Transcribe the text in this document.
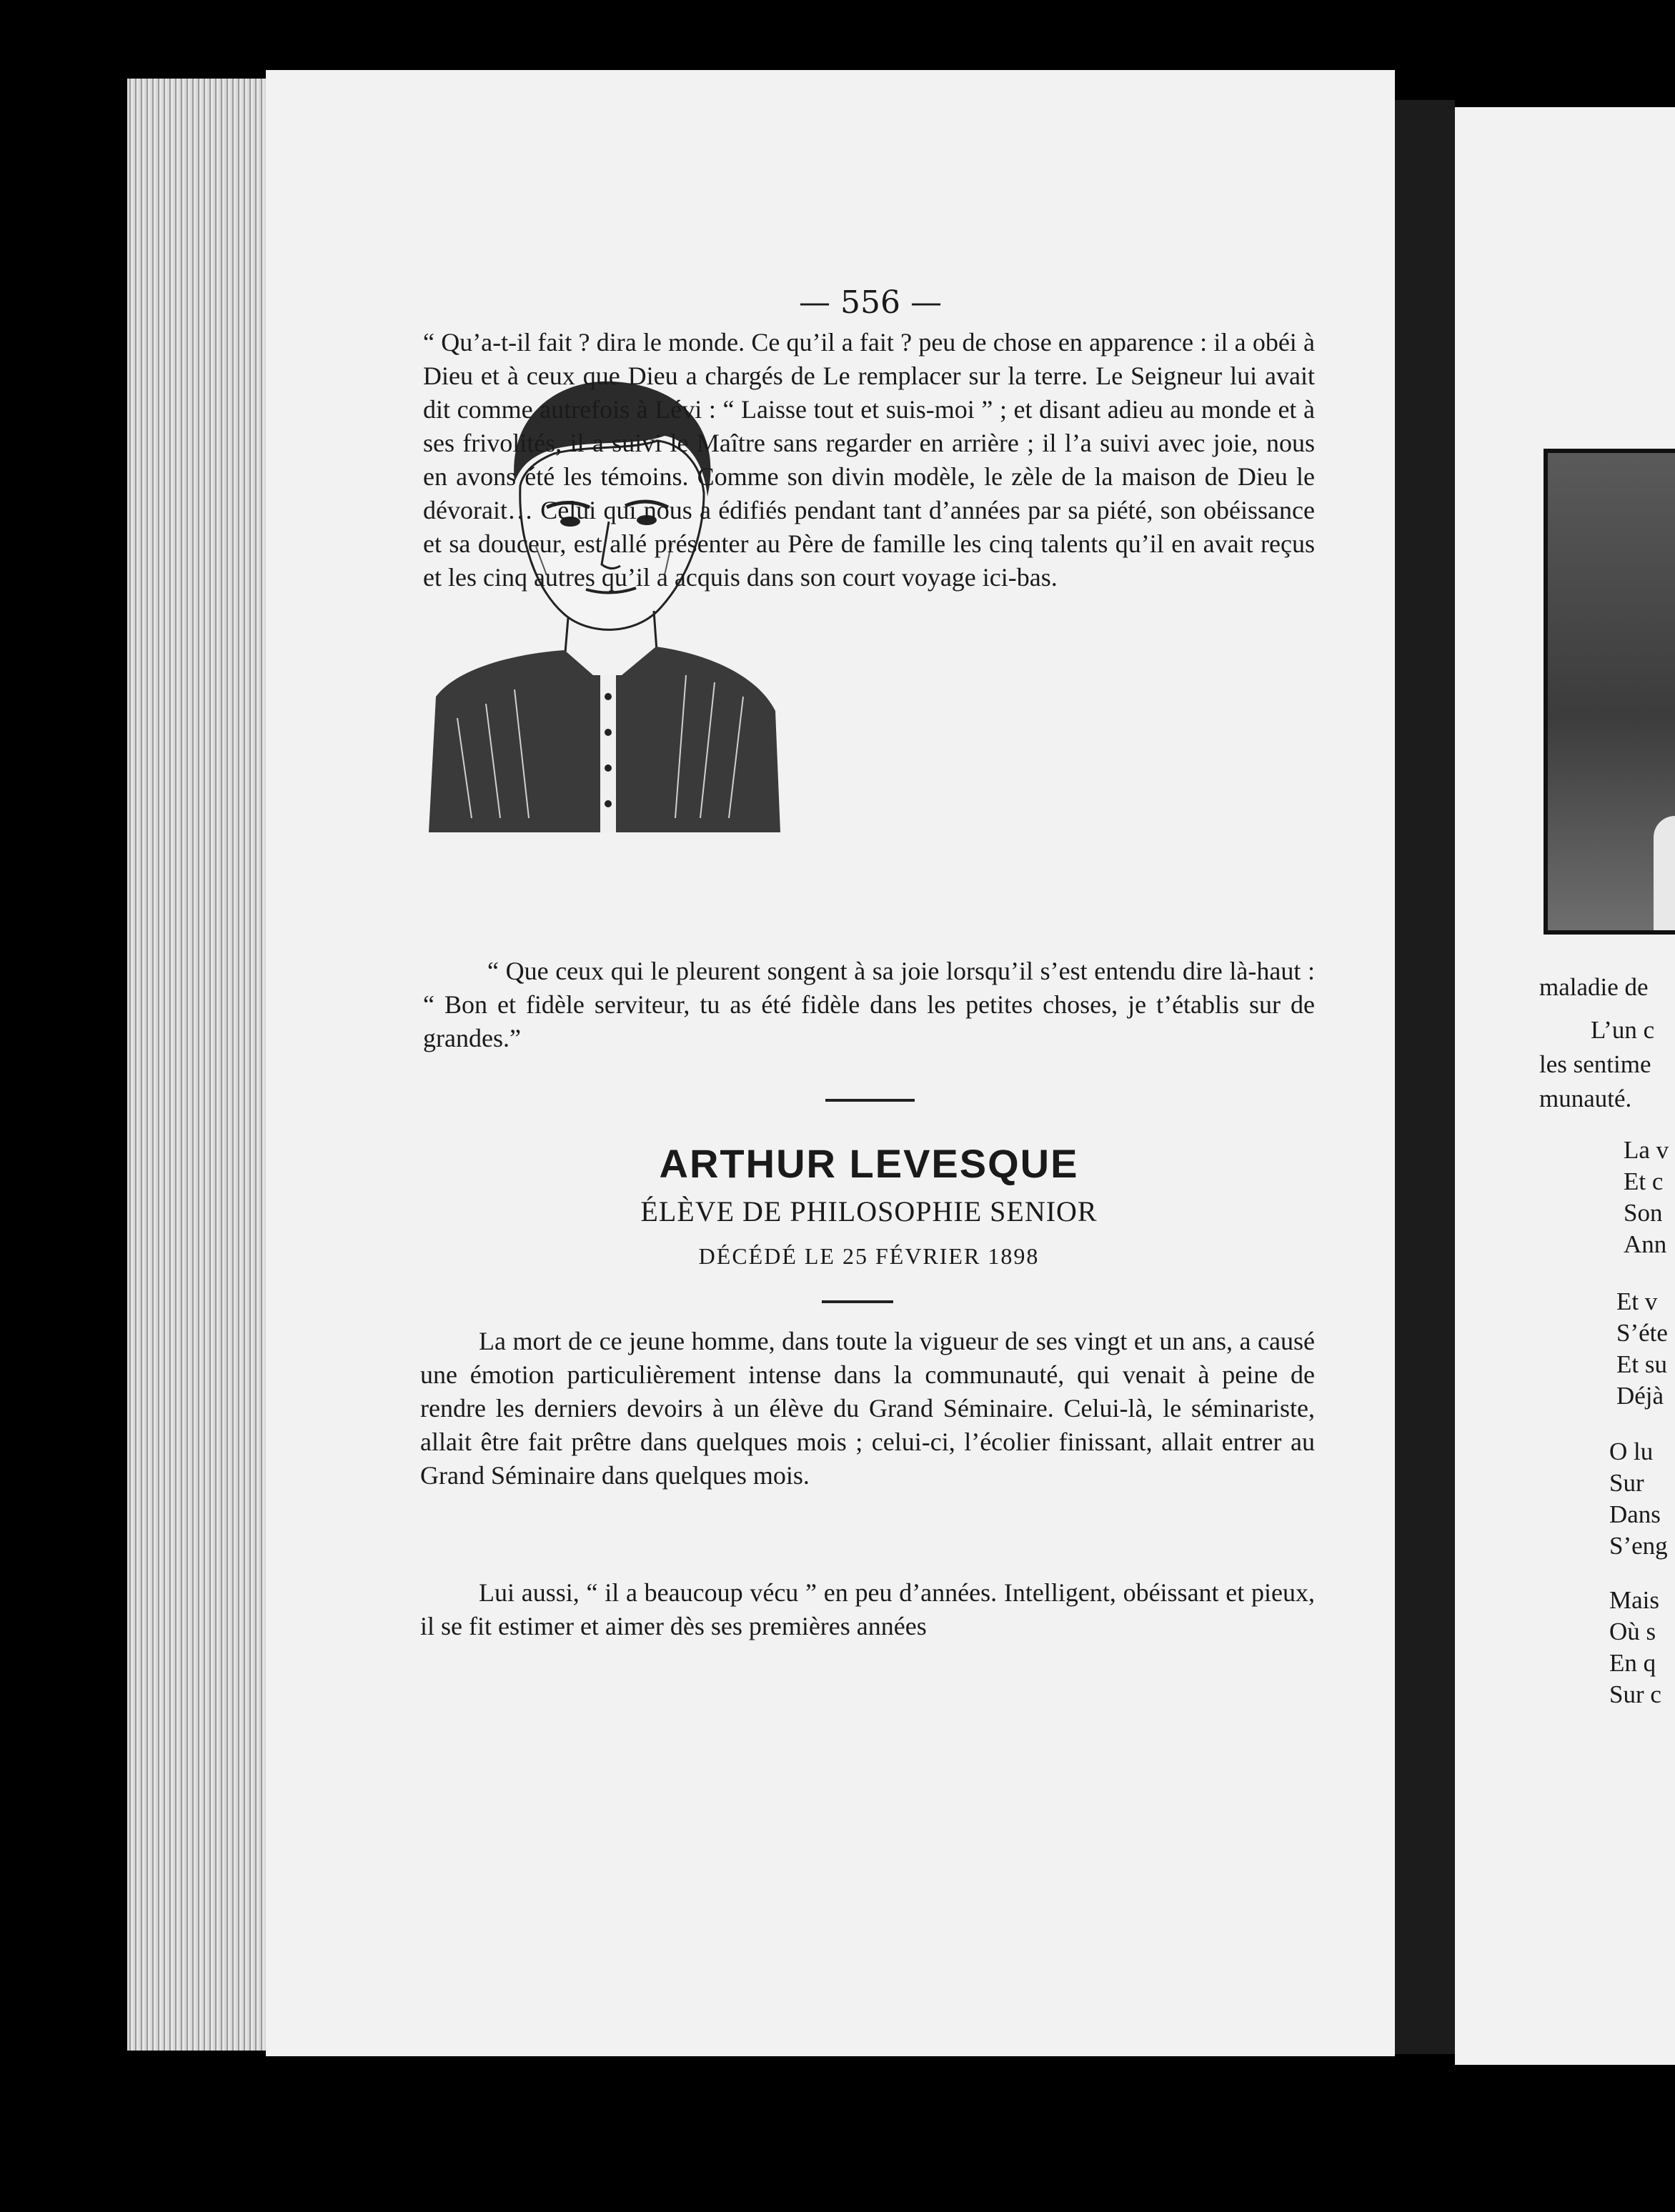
— 556 —
“ Qu’a-t-il fait ? dira le monde. Ce qu’il a fait ? peu de chose en apparence : il a obéi à Dieu et à ceux que Dieu a chargés de Le remplacer sur la terre. Le Seigneur lui avait dit comme autrefois à Lévi : “ Laisse tout et suis-moi ” ; et disant adieu au monde et à ses frivolités, il a suivi le Maître sans regarder en arrière ; il l’a suivi avec joie, nous en avons été les témoins. Comme son divin modèle, le zèle de la maison de Dieu le dévorait… Celui qui nous a édifiés pendant tant d’années par sa piété, son obéissance et sa douceur, est allé présenter au Père de famille les cinq talents qu’il en avait reçus et les cinq autres qu’il a acquis dans son court voyage ici-bas.
“ Que ceux qui le pleurent songent à sa joie lorsqu’il s’est entendu dire là-haut : “ Bon et fidèle serviteur, tu as été fidèle dans les petites choses, je t’établis sur de grandes.”
ARTHUR LEVESQUE
ÉLÈVE DE PHILOSOPHIE SENIOR
DÉCÉDÉ LE 25 FÉVRIER 1898
La mort de ce jeune homme, dans toute la vigueur de ses vingt et un ans, a causé une émotion particulièrement intense dans la communauté, qui venait à peine de rendre les derniers devoirs à un élève du Grand Séminaire. Celui-là, le séminariste, allait être fait prêtre dans quelques mois ; celui-ci, l’écolier finissant, allait entrer au Grand Séminaire dans quelques mois.
Lui aussi, “ il a beaucoup vécu ” en peu d’années. Intelligent, obéissant et pieux, il se fit estimer et aimer dès ses premières années
maladie de
L’un c
les sentime
munauté.
La v
Et c
Son
Ann
Et v
S’éte
Et su
Déjà
O lu
Sur
Dans
S’eng
Mais
Où s
En q
Sur c
